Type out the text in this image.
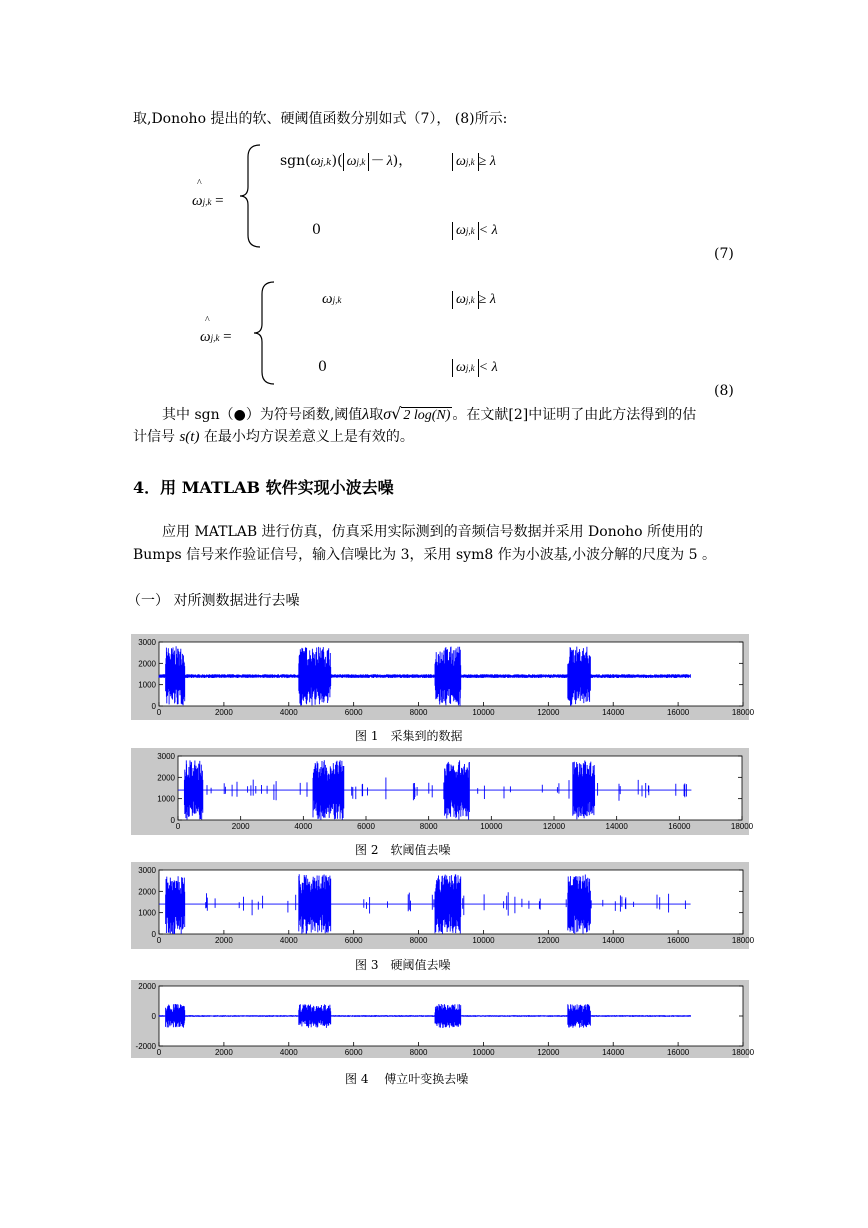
取,Donoho 提出的软、硬阈值函数分别如式（7）， (8)所示:
^
ωj,k =
sgn(ωj,k)( ωj,k － λ)，	ωj,k ≥ λ
0	ωj,k < λ
(7)
^
ωj,k =
ωj,k	ωj,k ≥ λ
0	ωj,k < λ
(8)
其中 sgn（●）为符号函数,阈值λ取σ√ 2 log(N) 。在文献[2]中证明了由此方法得到的估
计信号 s(t) 在最小均方误差意义上是有效的。
4．用 MATLAB 软件实现小波去噪
应用 MATLAB 进行仿真，仿真采用实际测到的音频信号数据并采用 Donoho 所使用的
Bumps 信号来作验证信号，输入信噪比为 3，采用 sym8 作为小波基,小波分解的尺度为 5 。
（一） 对所测数据进行去噪
3000
2000
1000
0
0	2000	4000	6000	8000	10000	12000	14000	16000	18000
图 1　采集到的数据
3000
2000
1000
0
0	2000	4000	6000	8000	10000	12000	14000	16000	18000
图 2　软阈值去噪
3000
2000
1000
0
0	2000	4000	6000	8000	10000	12000	14000	16000	18000
图 3　硬阈值去噪
2000
0
-2000
0	2000	4000	6000	8000	10000	12000	14000	16000	18000
图 4　 傅立叶变换去噪
